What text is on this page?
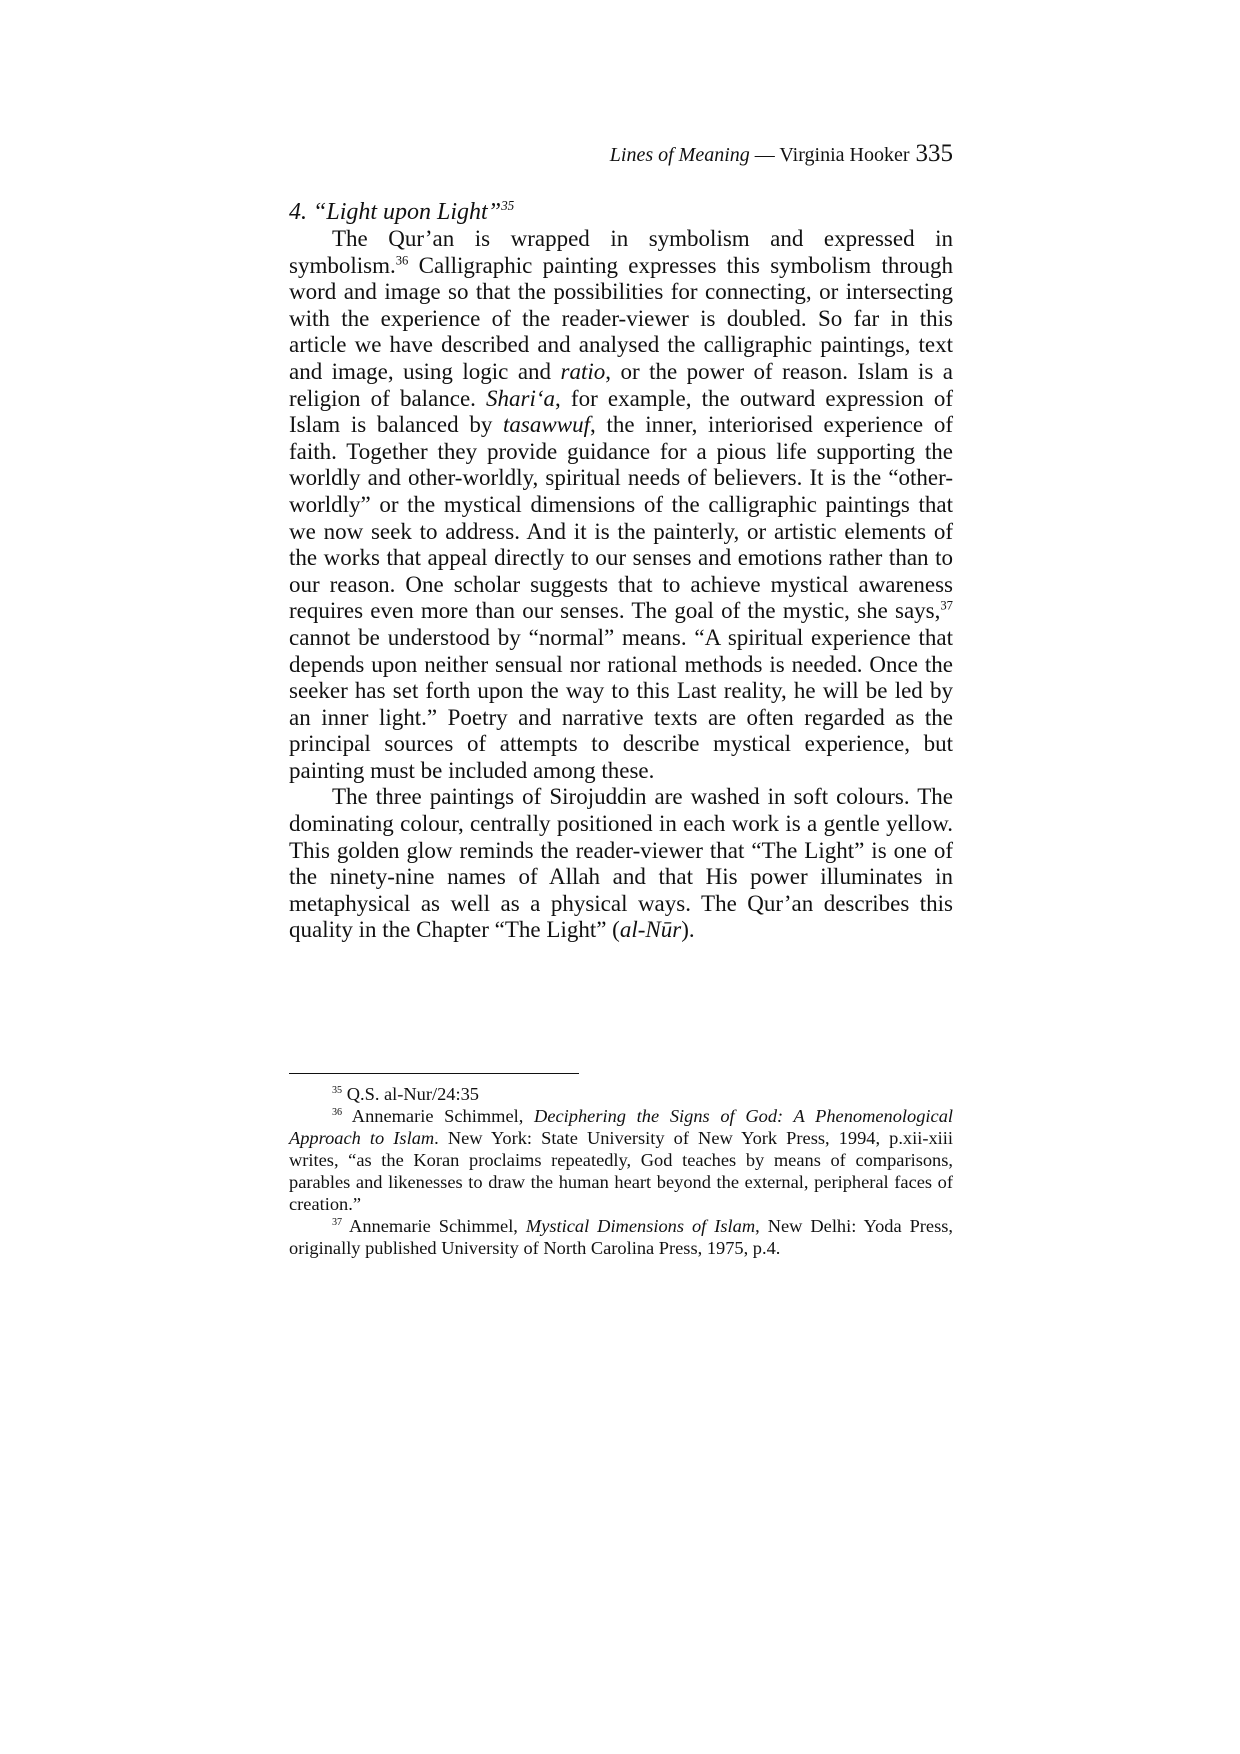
Lines of Meaning — Virginia Hooker 335
4. “Light upon Light”$^{35}$

The Qur’an is wrapped in symbolism and expressed in symbolism.$^{36}$ Calligraphic painting expresses this symbolism through word and image so that the possibilities for connecting, or intersecting with the experience of the reader-viewer is doubled. So far in this article we have described and analysed the calligraphic paintings, text and image, using logic and ratio, or the power of reason. Islam is a religion of balance. Shari‘a, for example, the outward expression of Islam is balanced by tasawwuf, the inner, interiorised experience of faith. Together they provide guidance for a pious life supporting the worldly and other-worldly, spiritual needs of believers. It is the “other-worldly” or the mystical dimensions of the calligraphic paintings that we now seek to address. And it is the painterly, or artistic elements of the works that appeal directly to our senses and emotions rather than to our reason. One scholar suggests that to achieve mystical awareness requires even more than our senses. The goal of the mystic, she says,$^{37}$ cannot be understood by “normal” means. “A spiritual experience that depends upon neither sensual nor rational methods is needed. Once the seeker has set forth upon the way to this Last reality, he will be led by an inner light.” Poetry and narrative texts are often regarded as the principal sources of attempts to describe mystical experience, but painting must be included among these.

The three paintings of Sirojuddin are washed in soft colours. The dominating colour, centrally positioned in each work is a gentle yellow. This golden glow reminds the reader-viewer that “The Light” is one of the ninety-nine names of Allah and that His power illuminates in metaphysical as well as a physical ways. The Qur’an describes this quality in the Chapter “The Light” (al-Nūr).

$^{35}$ Q.S. al-Nur/24:35

$^{36}$ Annemarie Schimmel, Deciphering the Signs of God: A Phenomenological Approach to Islam. New York: State University of New York Press, 1994, p.xii-xiii writes, “as the Koran proclaims repeatedly, God teaches by means of comparisons, parables and likenesses to draw the human heart beyond the external, peripheral faces of creation.”

$^{37}$ Annemarie Schimmel, Mystical Dimensions of Islam, New Delhi: Yoda Press, originally published University of North Carolina Press, 1975, p.4.
